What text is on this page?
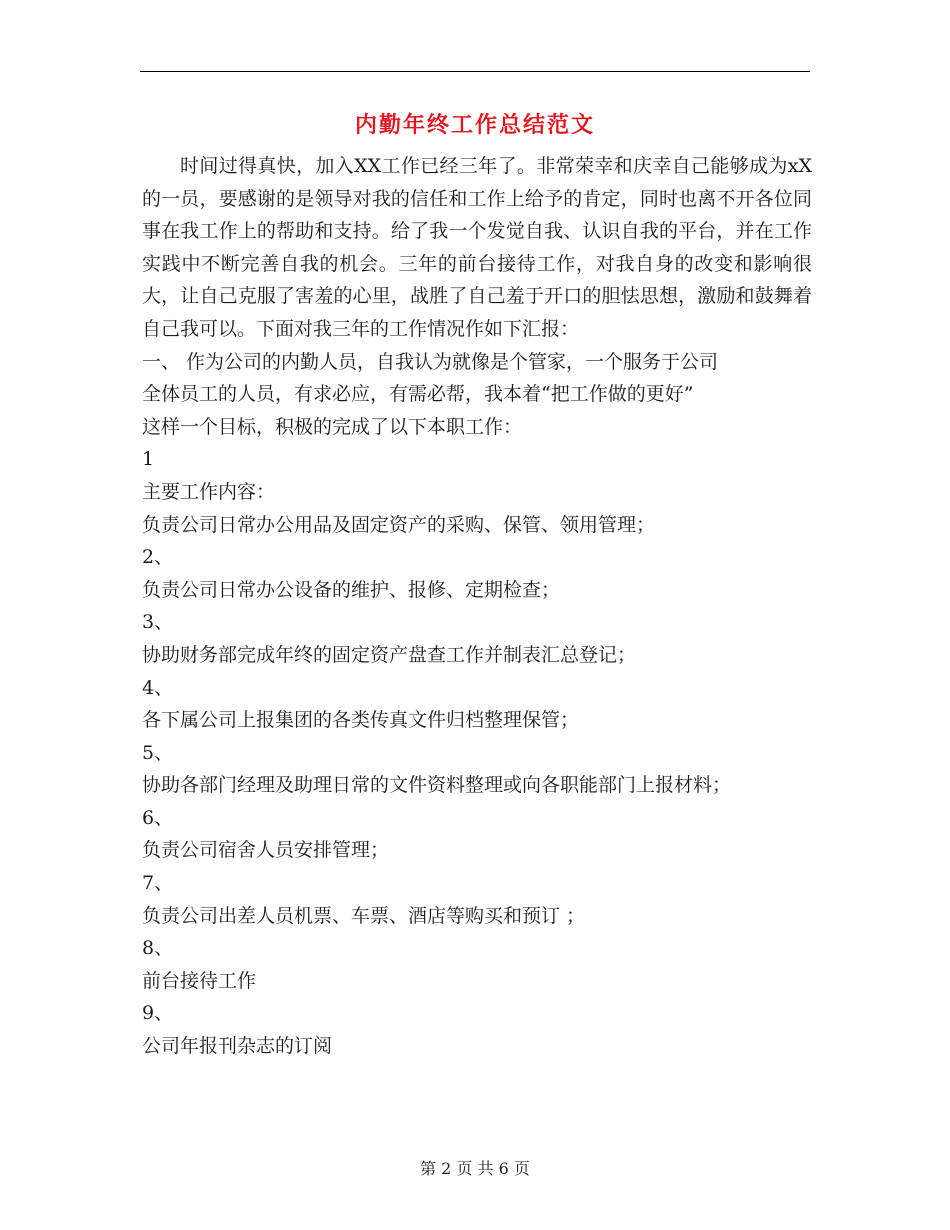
内勤年终工作总结范文

时间过得真快，加入XX工作已经三年了。非常荣幸和庆幸自己能够成为xX的一员，要感谢的是领导对我的信任和工作上给予的肯定，同时也离不开各位同事在我工作上的帮助和支持。给了我一个发觉自我、认识自我的平台，并在工作实践中不断完善自我的机会。三年的前台接待工作，对我自身的改变和影响很大，让自己克服了害羞的心里，战胜了自己羞于开口的胆怯思想，激励和鼓舞着自己我可以。下面对我三年的工作情况作如下汇报：

一、 作为公司的内勤人员，自我认为就像是个管家，一个服务于公司

全体员工的人员，有求必应，有需必帮，我本着“把工作做的更好”

这样一个目标，积极的完成了以下本职工作：

1

主要工作内容：

负责公司日常办公用品及固定资产的采购、保管、领用管理；

2、

负责公司日常办公设备的维护、报修、定期检查；

3、

协助财务部完成年终的固定资产盘查工作并制表汇总登记；

4、

各下属公司上报集团的各类传真文件归档整理保管；

5、

协助各部门经理及助理日常的文件资料整理或向各职能部门上报材料；

6、

负责公司宿舍人员安排管理；

7、

负责公司出差人员机票、车票、酒店等购买和预订 ；

8、

前台接待工作

9、

公司年报刊杂志的订阅

第 2 页 共 6 页
